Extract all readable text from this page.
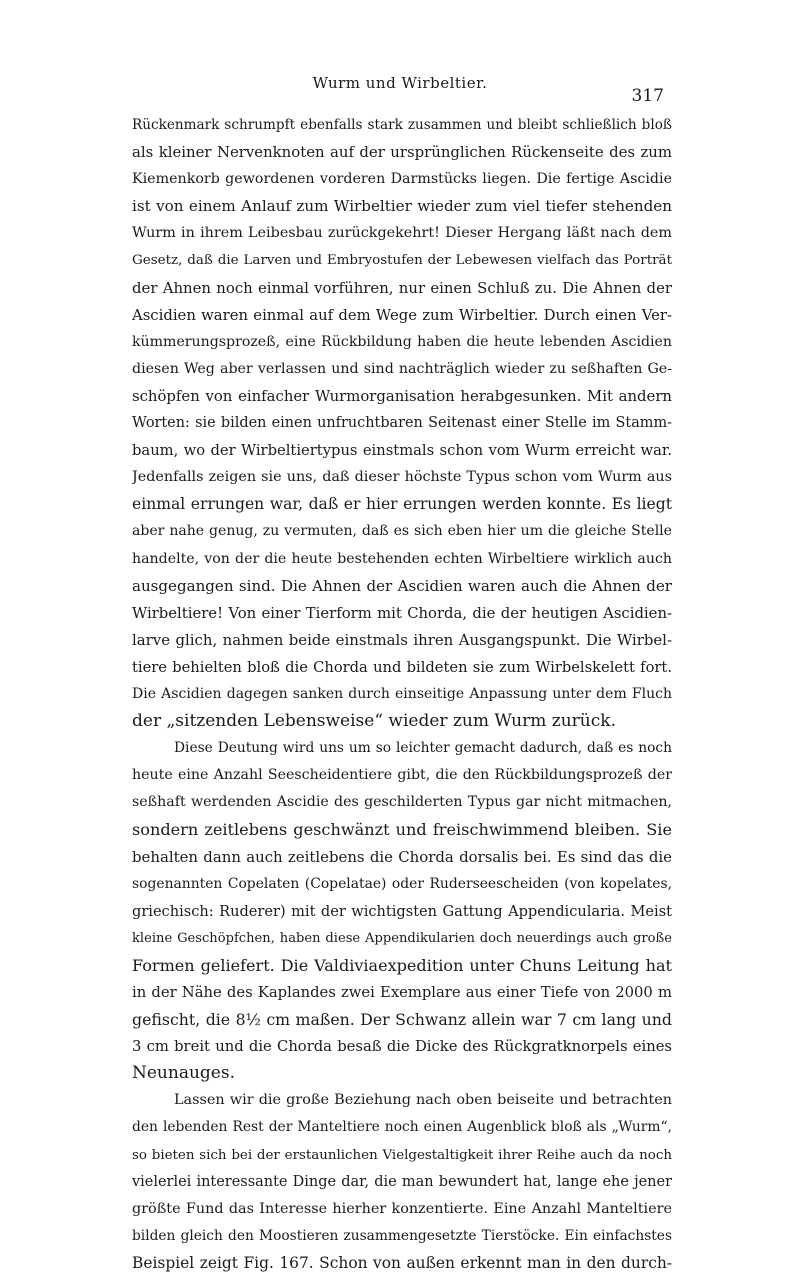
Wurm und Wirbeltier.
317
Rückenmark schrumpft ebenfalls stark zusammen und bleibt schließlich bloß
als kleiner Nervenknoten auf der ursprünglichen Rückenseite des zum
Kiemenkorb gewordenen vorderen Darmstücks liegen. Die fertige Ascidie
ist von einem Anlauf zum Wirbeltier wieder zum viel tiefer stehenden
Wurm in ihrem Leibesbau zurückgekehrt! Dieser Hergang läßt nach dem
Gesetz, daß die Larven und Embryostufen der Lebewesen vielfach das Porträt
der Ahnen noch einmal vorführen, nur einen Schluß zu. Die Ahnen der
Ascidien waren einmal auf dem Wege zum Wirbeltier. Durch einen Ver-
kümmerungsprozeß, eine Rückbildung haben die heute lebenden Ascidien
diesen Weg aber verlassen und sind nachträglich wieder zu seßhaften Ge-
schöpfen von einfacher Wurmorganisation herabgesunken. Mit andern
Worten: sie bilden einen unfruchtbaren Seitenast einer Stelle im Stamm-
baum, wo der Wirbeltiertypus einstmals schon vom Wurm erreicht war.
Jedenfalls zeigen sie uns, daß dieser höchste Typus schon vom Wurm aus
einmal errungen war, daß er hier errungen werden konnte. Es liegt
aber nahe genug, zu vermuten, daß es sich eben hier um die gleiche Stelle
handelte, von der die heute bestehenden echten Wirbeltiere wirklich auch
ausgegangen sind. Die Ahnen der Ascidien waren auch die Ahnen der
Wirbeltiere! Von einer Tierform mit Chorda, die der heutigen Ascidien-
larve glich, nahmen beide einstmals ihren Ausgangspunkt. Die Wirbel-
tiere behielten bloß die Chorda und bildeten sie zum Wirbelskelett fort.
Die Ascidien dagegen sanken durch einseitige Anpassung unter dem Fluch
der „sitzenden Lebensweise“ wieder zum Wurm zurück.
Diese Deutung wird uns um so leichter gemacht dadurch, daß es noch
heute eine Anzahl Seescheidentiere gibt, die den Rückbildungsprozeß der
seßhaft werdenden Ascidie des geschilderten Typus gar nicht mitmachen,
sondern zeitlebens geschwänzt und freischwimmend bleiben. Sie
behalten dann auch zeitlebens die Chorda dorsalis bei. Es sind das die
sogenannten Copelaten (Copelatae) oder Ruderseescheiden (von kopelates,
griechisch: Ruderer) mit der wichtigsten Gattung Appendicularia. Meist
kleine Geschöpfchen, haben diese Appendikularien doch neuerdings auch große
Formen geliefert. Die Valdiviaexpedition unter Chuns Leitung hat
in der Nähe des Kaplandes zwei Exemplare aus einer Tiefe von 2000 m
gefischt, die 8½ cm maßen. Der Schwanz allein war 7 cm lang und
3 cm breit und die Chorda besaß die Dicke des Rückgratknorpels eines
Neunauges.
Lassen wir die große Beziehung nach oben beiseite und betrachten
den lebenden Rest der Manteltiere noch einen Augenblick bloß als „Wurm“,
so bieten sich bei der erstaunlichen Vielgestaltigkeit ihrer Reihe auch da noch
vielerlei interessante Dinge dar, die man bewundert hat, lange ehe jener
größte Fund das Interesse hierher konzentierte. Eine Anzahl Manteltiere
bilden gleich den Moostieren zusammengesetzte Tierstöcke. Ein einfachstes
Beispiel zeigt Fig. 167. Schon von außen erkennt man in den durch-
